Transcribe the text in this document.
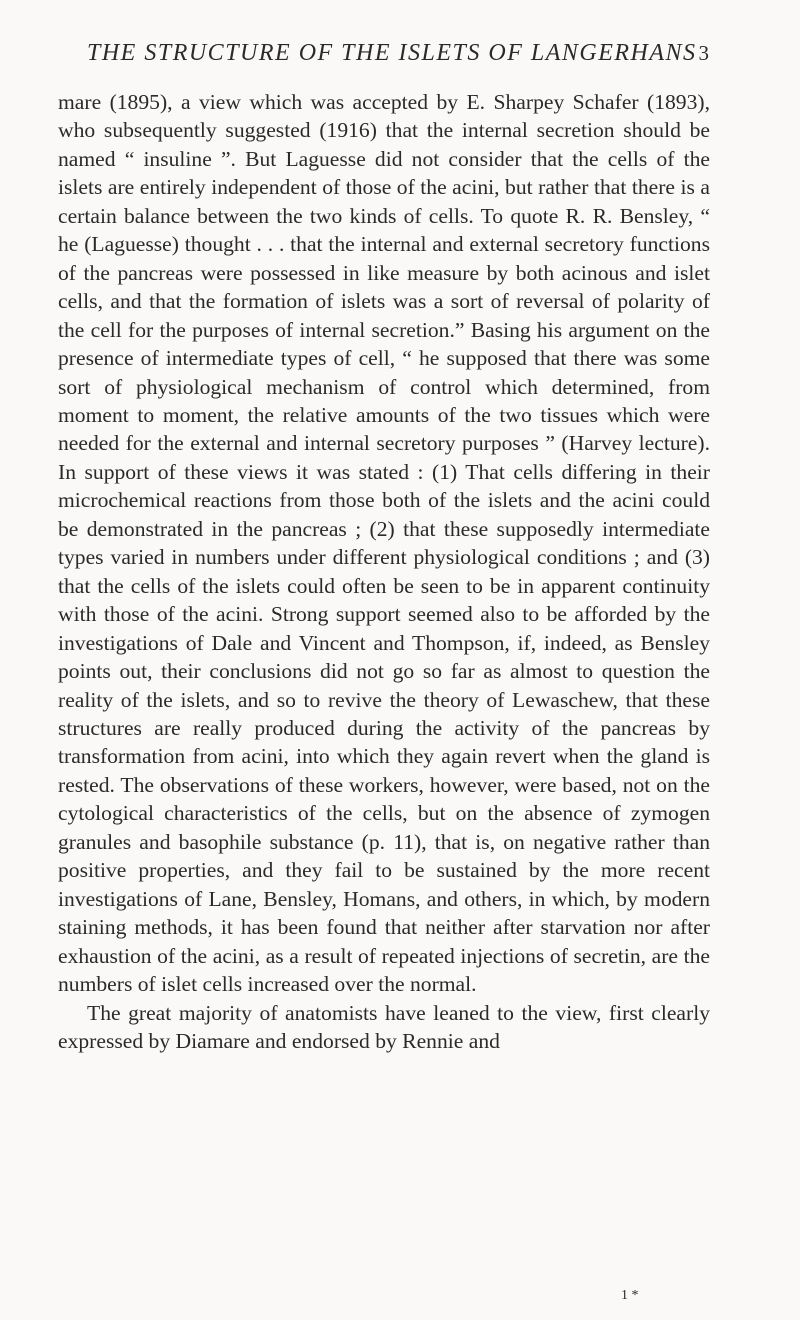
THE STRUCTURE OF THE ISLETS OF LANGERHANS 3

mare (1895), a view which was accepted by E. Sharpey Schafer (1893), who subsequently suggested (1916) that the internal secretion should be named “ insuline ”. But Laguesse did not consider that the cells of the islets are entirely independent of those of the acini, but rather that there is a certain balance between the two kinds of cells. To quote R. R. Bensley, “ he (Laguesse) thought . . . that the internal and external secretory functions of the pancreas were possessed in like measure by both acinous and islet cells, and that the formation of islets was a sort of reversal of polarity of the cell for the purposes of internal secretion.” Basing his argument on the presence of intermediate types of cell, “ he supposed that there was some sort of physiological mechanism of control which determined, from moment to moment, the relative amounts of the two tissues which were needed for the external and internal secretory purposes ” (Harvey lecture). In support of these views it was stated : (1) That cells differing in their microchemical reactions from those both of the islets and the acini could be demonstrated in the pancreas ; (2) that these supposedly intermediate types varied in numbers under different physiological conditions ; and (3) that the cells of the islets could often be seen to be in apparent continuity with those of the acini. Strong support seemed also to be afforded by the investigations of Dale and Vincent and Thompson, if, indeed, as Bensley points out, their conclusions did not go so far as almost to question the reality of the islets, and so to revive the theory of Lewaschew, that these structures are really produced during the activity of the pancreas by transformation from acini, into which they again revert when the gland is rested. The observations of these workers, however, were based, not on the cytological characteristics of the cells, but on the absence of zymogen granules and basophile substance (p. 11), that is, on negative rather than positive properties, and they fail to be sustained by the more recent investigations of Lane, Bensley, Homans, and others, in which, by modern staining methods, it has been found that neither after starvation nor after exhaustion of the acini, as a result of repeated injections of secretin, are the numbers of islet cells increased over the normal.

The great majority of anatomists have leaned to the view, first clearly expressed by Diamare and endorsed by Rennie and

1 *
